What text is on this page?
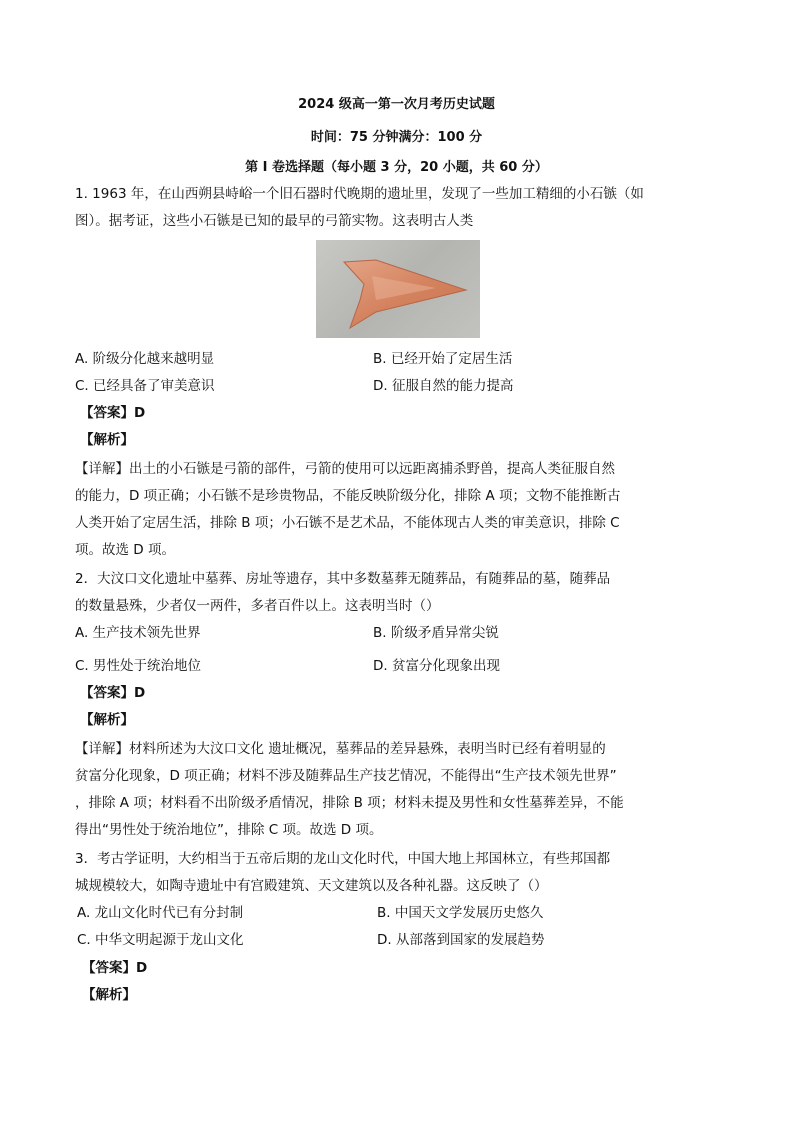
2024 级高一第一次月考历史试题
时间：75 分钟满分：100 分
第 I 卷选择题（每小题 3 分，20 小题，共 60 分）
1. 1963 年，在山西朔县峙峪一个旧石器时代晚期的遗址里，发现了一些加工精细的小石镞（如
图）。据考证，这些小石镞是已知的最早的弓箭实物。这表明古人类
A. 阶级分化越来越明显	B. 已经开始了定居生活
C. 已经具备了审美意识	D. 征服自然的能力提高
【答案】D
【解析】
【详解】出土的小石镞是弓箭的部件，弓箭的使用可以远距离捕杀野兽，提高人类征服自然
的能力，D 项正确；小石镞不是珍贵物品，不能反映阶级分化，排除 A 项；文物不能推断古
人类开始了定居生活，排除 B 项；小石镞不是艺术品，不能体现古人类的审美意识，排除 C
项。故选 D 项。
2．大汶口文化遗址中墓葬、房址等遗存，其中多数墓葬无随葬品，有随葬品的墓，随葬品
的数量悬殊，少者仅一两件，多者百件以上。这表明当时（）
A. 生产技术领先世界	B. 阶级矛盾异常尖锐
C. 男性处于统治地位	D. 贫富分化现象出现
【答案】D
【解析】
【详解】材料所述为大汶口文化 遗址概况，墓葬品的差异悬殊，表明当时已经有着明显的
贫富分化现象，D 项正确；材料不涉及随葬品生产技艺情况，不能得出“生产技术领先世界”
，排除 A 项；材料看不出阶级矛盾情况，排除 B 项；材料未提及男性和女性墓葬差异，不能
得出“男性处于统治地位”，排除 C 项。故选 D 项。
3．考古学证明，大约相当于五帝后期的龙山文化时代，中国大地上邦国林立，有些邦国都
城规模较大，如陶寺遗址中有宫殿建筑、天文建筑以及各种礼器。这反映了（）
A. 龙山文化时代已有分封制	B. 中国天文学发展历史悠久
C. 中华文明起源于龙山文化	D. 从部落到国家的发展趋势
【答案】D
【解析】
